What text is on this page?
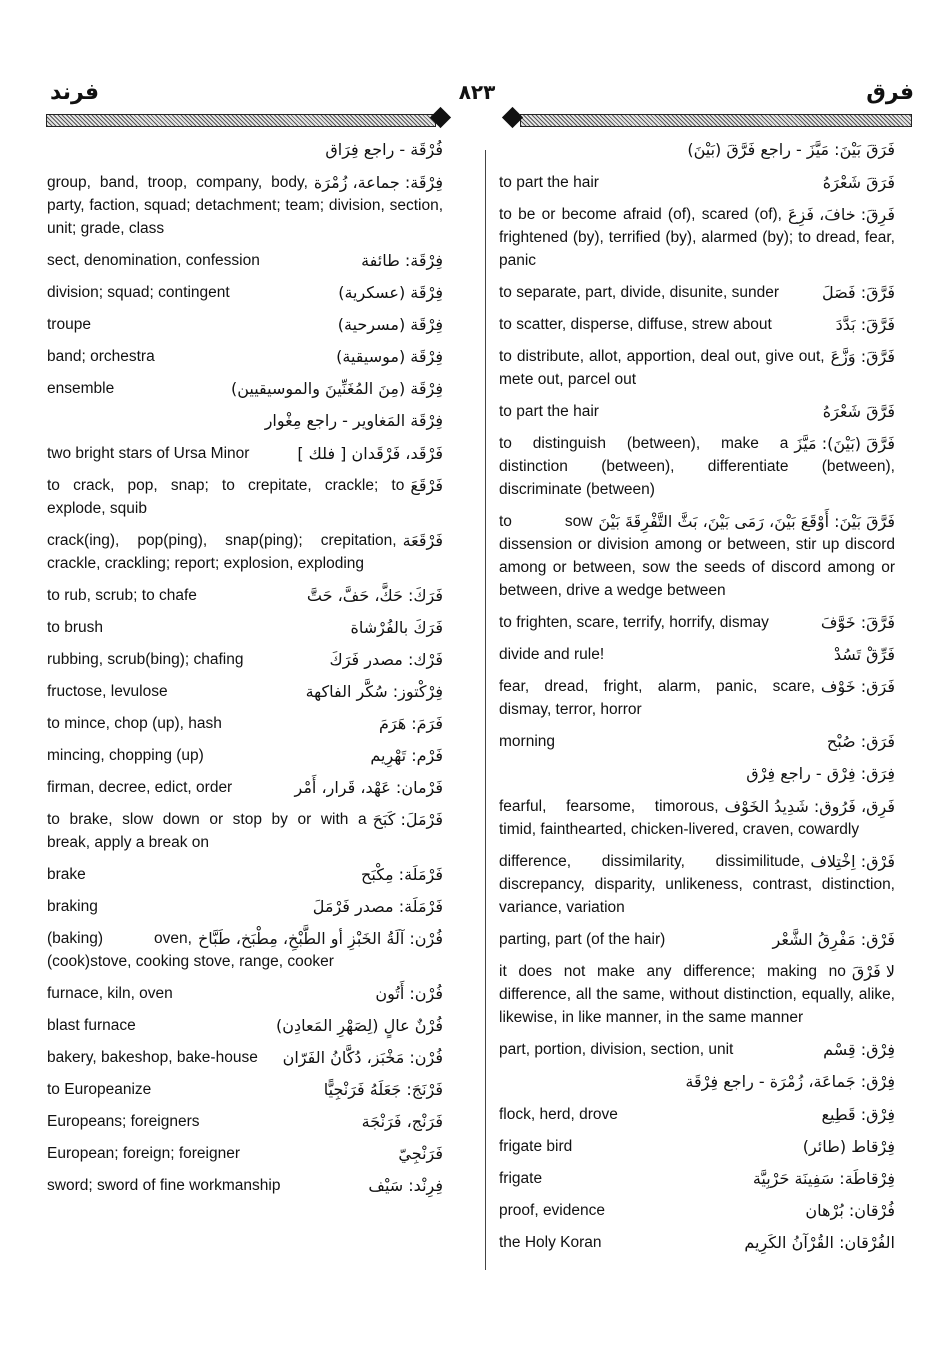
فرق
٨٢٣
فرند
فُرْقَة - راجع فِرَاق
فِرْقَة: جماعة، زُمْرَة
group, band, troop, company, body, party, faction, squad; detachment; team; division, section, unit; grade, class
فِرْقَة: طائفة
sect, denomination, confession
فِرْقَة (عسكرية)
division; squad; contingent
فِرْقَة (مسرحية)
troupe
فِرْقَة (موسيقية)
band; orchestra
فِرْقَة (مِنَ المُغَنِّينَ والموسيقيين)
ensemble
فِرْقَة المَغاوير - راجع مِغْوار
فَرْقَد، فَرْقَدان [ فلك ]
two bright stars of Ursa Minor
فَرْقَعَ
to crack, pop, snap; to crepitate, crackle; to explode, squib
فَرْقَعَة
crack(ing), pop(ping), snap(ping); crepitation, crackle, crackling; report; explosion, exploding
فَرَكَ: حَكَّ، حَفَّ، حَتَّ
to rub, scrub; to chafe
فَرَكَ بالفُرْشاة
to brush
فَرْك: مصدر فَرَكَ
rubbing, scrub(bing); chafing
فِرْكْتوز: سُكَّر الفاكهة
fructose, levulose
فَرَمَ: هَرَمَ
to mince, chop (up), hash
فَرْم: تَهْرِيم
mincing, chopping (up)
فَرْمان: عَهْد، قَرار، أَمْر
firman, decree, edict, order
فَرْمَلَ: كَبَحَ
to brake, slow down or stop by or with a break, apply a break on
فَرْمَلَة: مِكْبَح
brake
فَرْمَلَة: مصدر فَرْمَلَ
braking
فُرْن: آلَةُ الخَبْزِ أو الطَّبْخِ، مِطْبَخ، طَبَّاخ
(baking) oven, (cook)stove, cooking stove, range, cooker
فُرْن: أَتُون
furnace, kiln, oven
فُرْنٌ عالٍ (لِصَهْرِ المَعادِن)
blast furnace
فُرْن: مَخْبَز، دُكَّانُ الفَرّان
bakery, bakeshop, bake-house
فَرْنَجَ: جَعَلَهُ فَرَنْجِيًّا
to Europeanize
فَرَنْج، فَرَنْجَة
Europeans; foreigners
فَرَنْجِيّ
European; foreign; foreigner
فِرِنْد: سَيْف
sword; sword of fine workmanship
فَرَقَ بَيْنَ: مَيَّزَ - راجع فَرَّقَ (بَيْنَ)
فَرَقَ شَعْرَهُ
to part the hair
فَرِقَ: خافَ، فَزِعَ
to be or become afraid (of), scared (of), frightened (by), terrified (by), alarmed (by); to dread, fear, panic
فَرَّقَ: فَصَلَ
to separate, part, divide, disunite, sunder
فَرَّقَ: بَدَّدَ
to scatter, disperse, diffuse, strew about
فَرَّقَ: وَزَّعَ
to distribute, allot, apportion, deal out, give out, mete out, parcel out
فَرَّقَ شَعْرَهُ
to part the hair
فَرَّقَ (بَيْنَ): مَيَّزَ
to distinguish (between), make a distinction (between), differentiate (between), discriminate (between)
فَرَّقَ بَيْنَ: أَوْقَعَ بَيْنَ، رَمَى بَيْنَ، بَثَّ التَّفْرِقَةَ بَيْنَ
to sow dissension or division among or between, stir up discord among or between, sow the seeds of discord among or between, drive a wedge between
فَرَّقَ: خَوَّفَ
to frighten, scare, terrify, horrify, dismay
فَرِّقْ تَسُدْ
divide and rule!
فَرَق: خَوْف
fear, dread, fright, alarm, panic, scare, dismay, terror, horror
فَرَق: صُبْح
morning
فِرَق: فِرْق - راجع فِرْق
فَرِق، فَرُوق: شَدِيدُ الخَوْف
fearful, fearsome, timorous, timid, fainthearted, chicken-livered, craven, cowardly
فَرْق: اِخْتِلاف
difference, dissimilarity, dissimilitude, discrepancy, disparity, unlikeness, contrast, distinction, variance, variation
فَرْق: مَفْرِقُ الشَّعْر
parting, part (of the hair)
لا فَرْقَ
it does not make any difference; making no difference, all the same, without distinction, equally, alike, likewise, in like manner, in the same manner
فِرْق: قِسْم
part, portion, division, section, unit
فِرْق: جَماعَة، زُمْرَة - راجع فِرْقَة
فِرْق: قَطِيع
flock, herd, drove
فِرْقاط (طائر)
frigate bird
فِرْقاطَة: سَفِينَة حَرْبِيَّة
frigate
فُرْقان: بُرْهان
proof, evidence
الفُرْقان: القُرْآنُ الكَرِيم
the Holy Koran
